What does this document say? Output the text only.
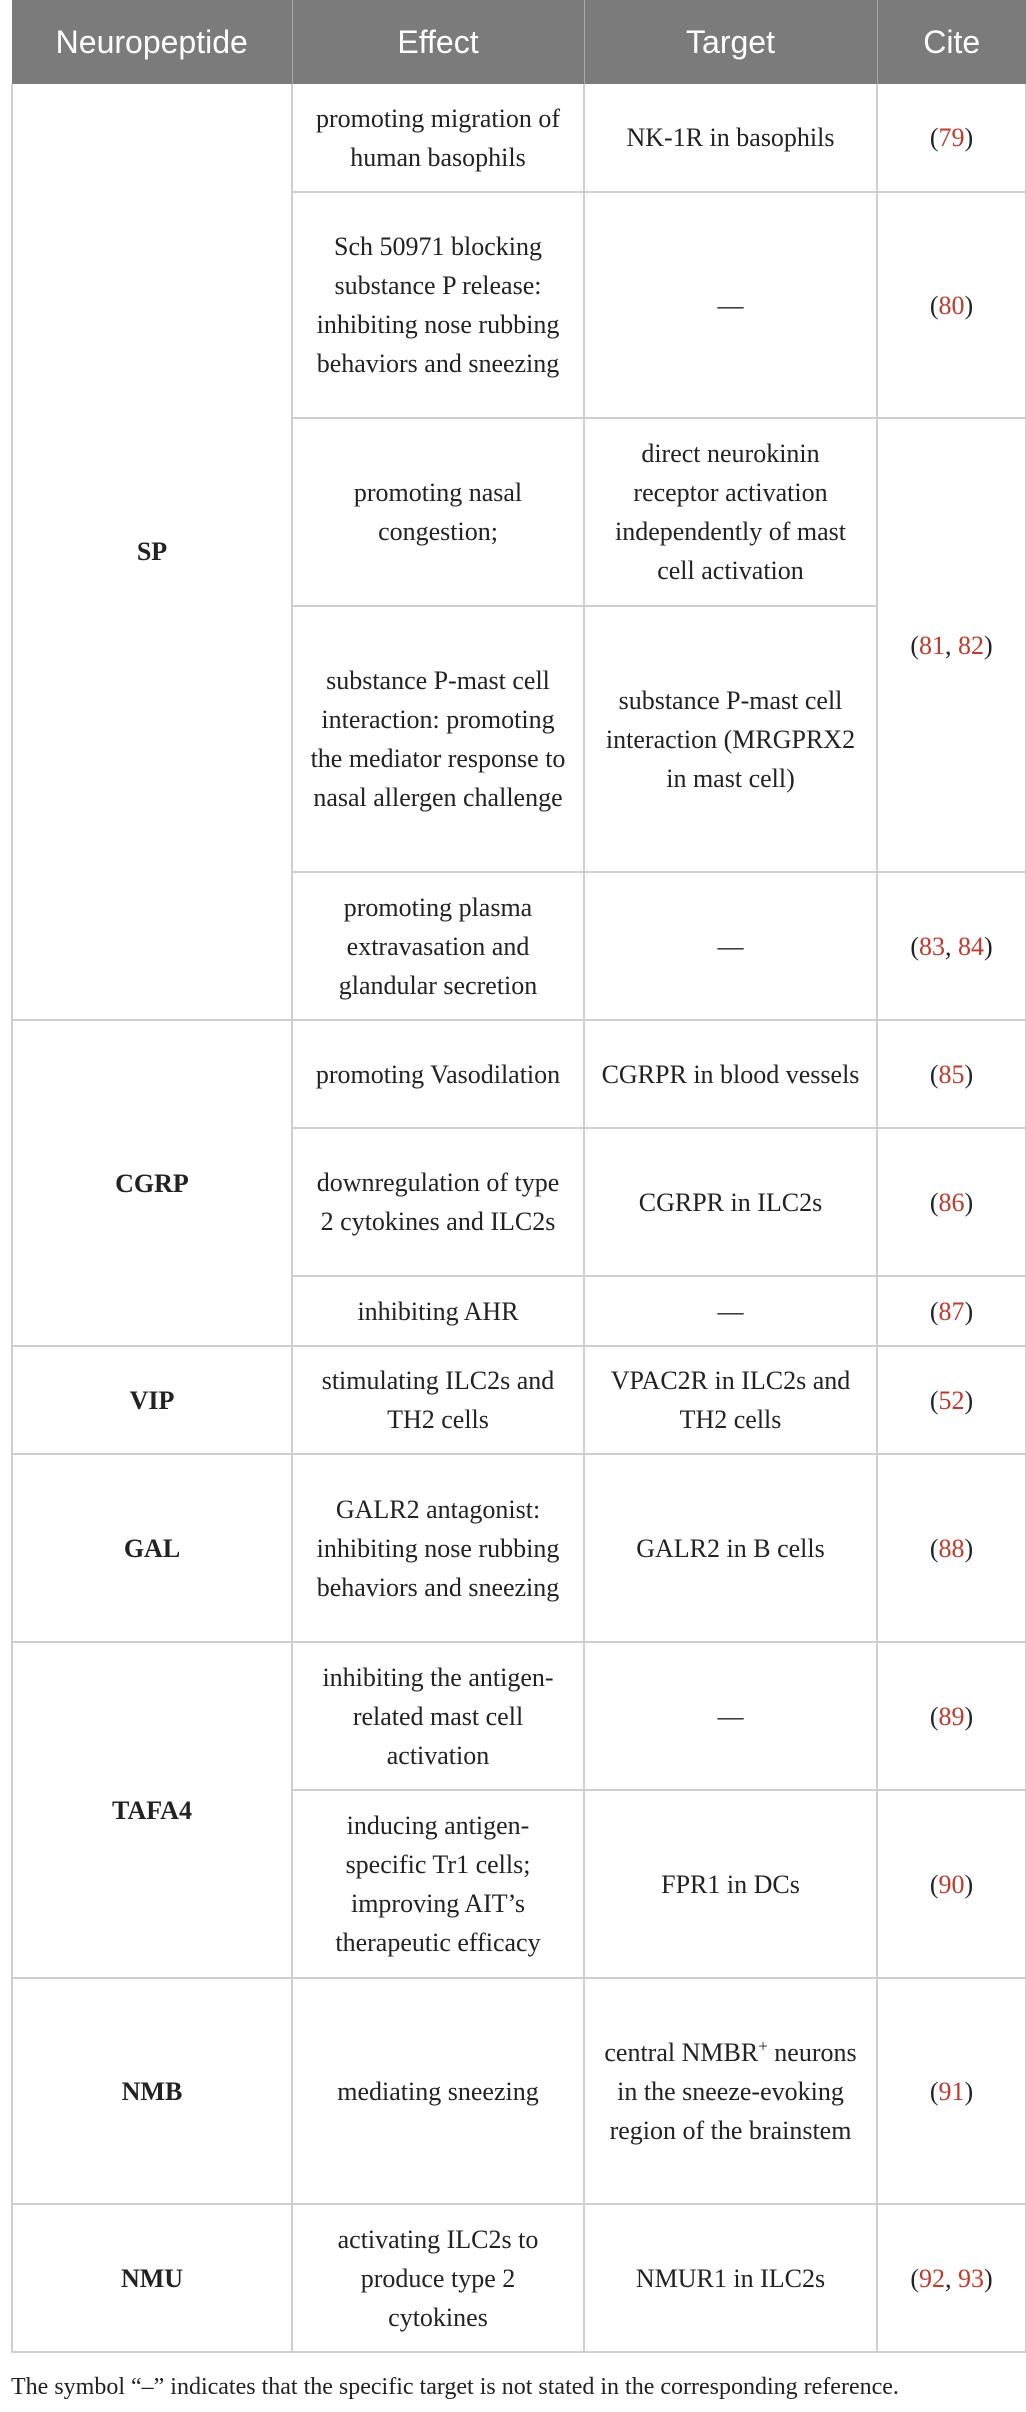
Neuropeptide	Effect	Target	Cite
SP	promoting migration of human basophils	NK-1R in basophils	(79)
	Sch 50971 blocking substance P release: inhibiting nose rubbing behaviors and sneezing	—	(80)
	promoting nasal congestion;	direct neurokinin receptor activation independently of mast cell activation	(81, 82)
	substance P-mast cell interaction: promoting the mediator response to nasal allergen challenge	substance P-mast cell interaction (MRGPRX2 in mast cell)	
	promoting plasma extravasation and glandular secretion	—	(83, 84)
CGRP	promoting Vasodilation	CGRPR in blood vessels	(85)
	downregulation of type 2 cytokines and ILC2s	CGRPR in ILC2s	(86)
	inhibiting AHR	—	(87)
VIP	stimulating ILC2s and TH2 cells	VPAC2R in ILC2s and TH2 cells	(52)
GAL	GALR2 antagonist: inhibiting nose rubbing behaviors and sneezing	GALR2 in B cells	(88)
TAFA4	inhibiting the antigen-related mast cell activation	—	(89)
	inducing antigen-specific Tr1 cells; improving AIT’s therapeutic efficacy	FPR1 in DCs	(90)
NMB	mediating sneezing	central NMBR+ neurons in the sneeze-evoking region of the brainstem	(91)
NMU	activating ILC2s to produce type 2 cytokines	NMUR1 in ILC2s	(92, 93)
The symbol “–” indicates that the specific target is not stated in the corresponding reference.
